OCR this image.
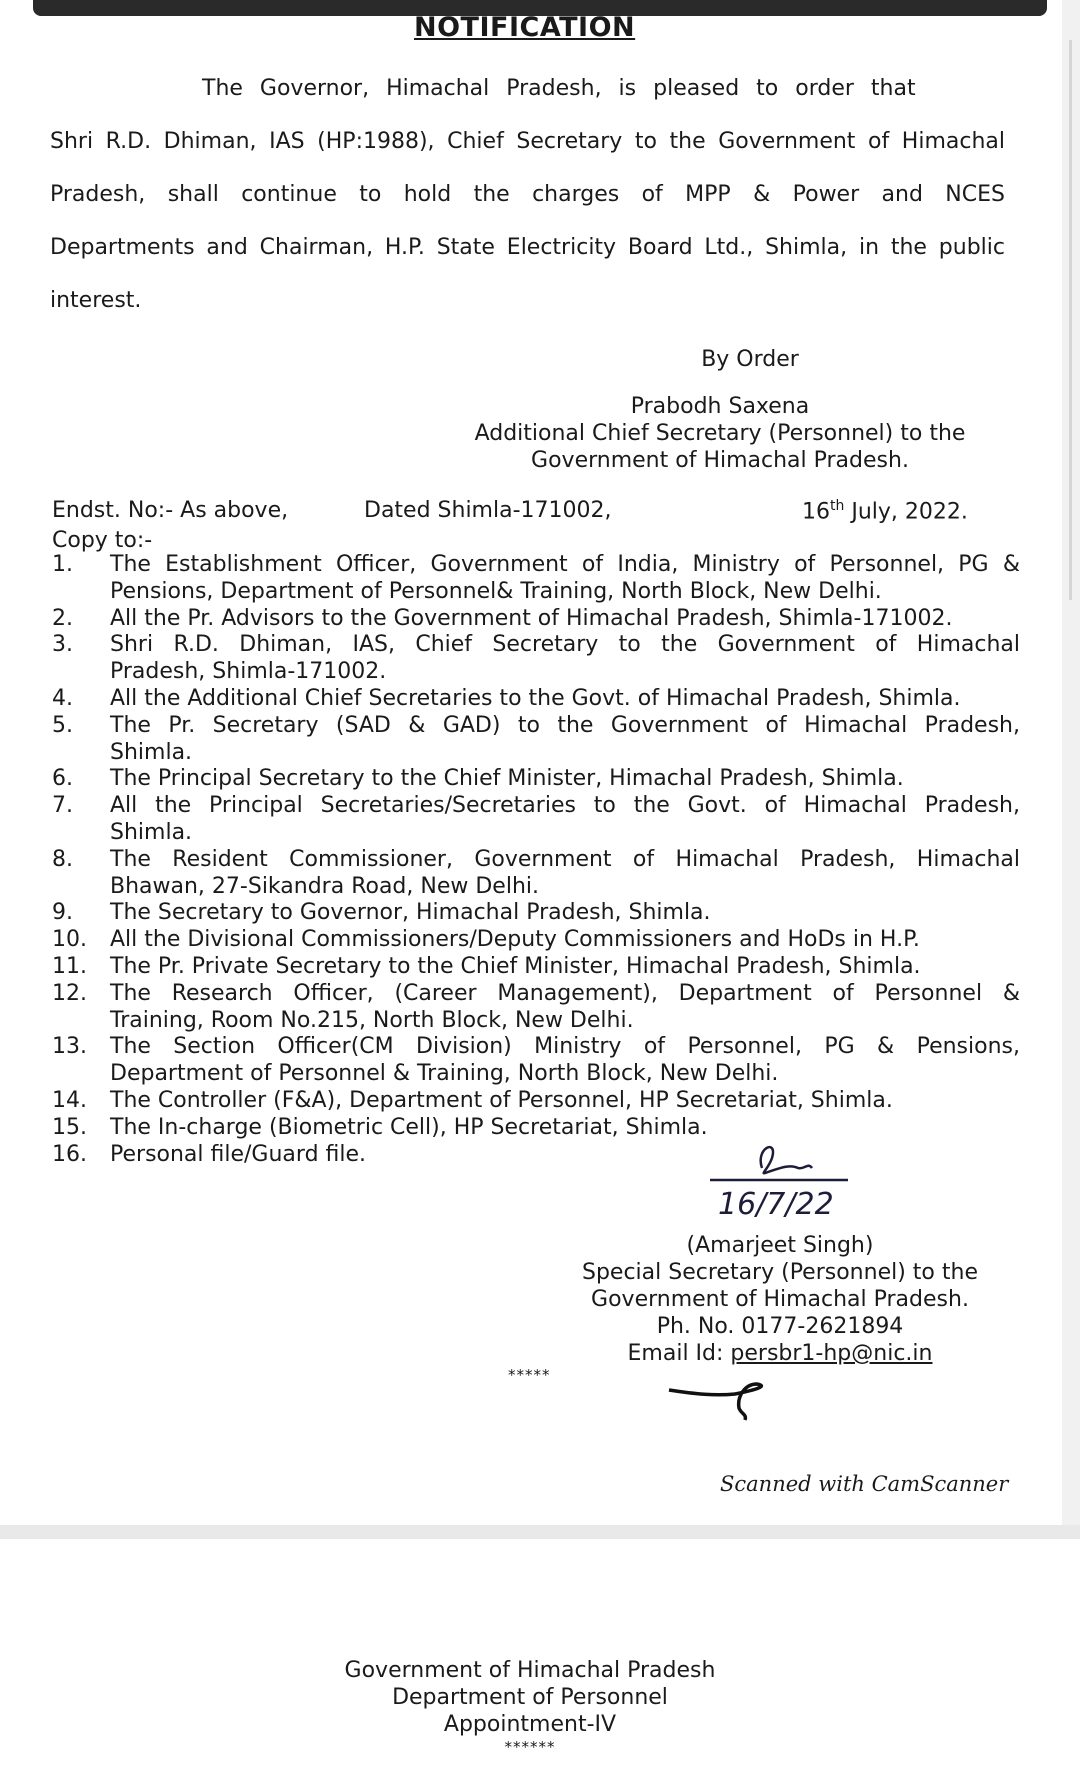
NOTIFICATION
The Governor, Himachal Pradesh, is pleased to order that
Shri R.D. Dhiman, IAS (HP:1988), Chief Secretary to the Government of Himachal
Pradesh, shall continue to hold the charges of MPP & Power and NCES
Departments and Chairman, H.P. State Electricity Board Ltd., Shimla, in the public
interest.
By Order
Prabodh Saxena
Additional Chief Secretary (Personnel) to the
Government of Himachal Pradesh.
Endst. No:- As above,	Dated Shimla-171002,	16th July, 2022.
Copy to:-
1.	The Establishment Officer, Government of India, Ministry of Personnel, PG &
Pensions, Department of Personnel& Training, North Block, New Delhi.
2.	All the Pr. Advisors to the Government of Himachal Pradesh, Shimla-171002.
3.	Shri R.D. Dhiman, IAS, Chief Secretary to the Government of Himachal
Pradesh, Shimla-171002.
4.	All the Additional Chief Secretaries to the Govt. of Himachal Pradesh, Shimla.
5.	The Pr. Secretary (SAD & GAD) to the Government of Himachal Pradesh,
Shimla.
6.	The Principal Secretary to the Chief Minister, Himachal Pradesh, Shimla.
7.	All the Principal Secretaries/Secretaries to the Govt. of Himachal Pradesh,
Shimla.
8.	The Resident Commissioner, Government of Himachal Pradesh, Himachal
Bhawan, 27-Sikandra Road, New Delhi.
9.	The Secretary to Governor, Himachal Pradesh, Shimla.
10.	All the Divisional Commissioners/Deputy Commissioners and HoDs in H.P.
11.	The Pr. Private Secretary to the Chief Minister, Himachal Pradesh, Shimla.
12.	The Research Officer, (Career Management), Department of Personnel &
Training, Room No.215, North Block, New Delhi.
13.	The Section Officer(CM Division) Ministry of Personnel, PG & Pensions,
Department of Personnel & Training, North Block, New Delhi.
14.	The Controller (F&A), Department of Personnel, HP Secretariat, Shimla.
15.	The In-charge (Biometric Cell), HP Secretariat, Shimla.
16.	Personal file/Guard file.
16/7/22
(Amarjeet Singh)
Special Secretary (Personnel) to the
Government of Himachal Pradesh.
Ph. No. 0177-2621894
Email Id: persbr1-hp@nic.in
*****
Scanned with CamScanner
Government of Himachal Pradesh
Department of Personnel
Appointment-IV
******
